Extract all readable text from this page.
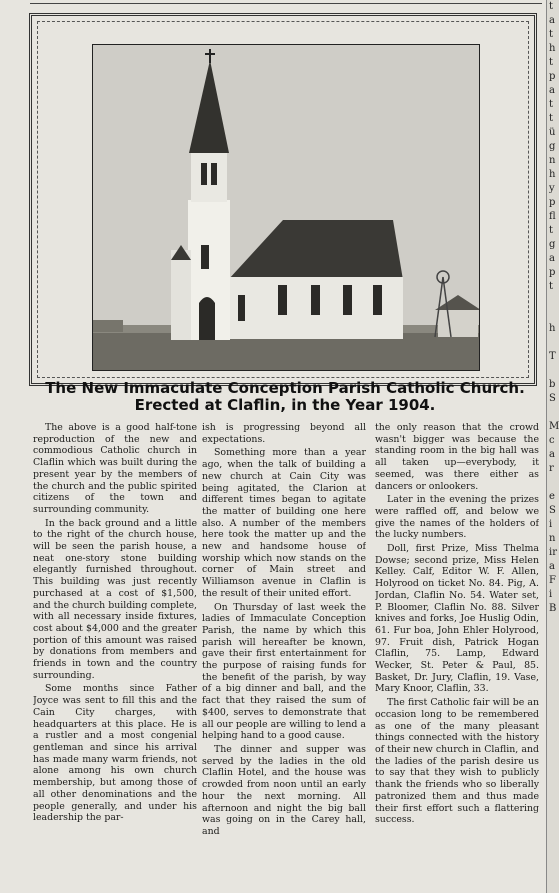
t
a
t
h
t
p
a
t
t
ü
g
n
h
y
p
fl
t
g
a
p
t

h

T

b
S

M
c
a
r

e
S
i
n
ir
a
F
i
B
The New Immaculate Conception Parish Catholic Church.
Erected at Claflin, in the Year 1904.

The above is a good half-tone reproduction of the new and commodious Catholic church in Claflin which was built during the present year by the members of the church and the public spirited citizens of the town and surrounding community.

In the back ground and a little to the right of the church house, will be seen the parish house, a neat one-story stone building elegantly furnished throughout. This building was just recently purchased at a cost of $1,500, and the church building complete, with all necessary inside fixtures, cost about $4,000 and the greater portion of this amount was raised by donations from members and friends in town and the country surrounding.

Some months since Father Joyce was sent to fill this and the Cain City charges, with headquarters at this place. He is a rustler and a most congenial gentleman and since his arrival has made many warm friends, not alone among his own church membership, but among those of all other denominations and the people generally, and under his leadership the par-

ish is progressing beyond all expectations.

Something more than a year ago, when the talk of building a new church at Cain City was being agitated, the Clarion at different times began to agitate the matter of building one here also. A number of the members here took the matter up and the new and handsome house of worship which now stands on the corner of Main street and Williamson avenue in Claflin is the result of their united effort.

On Thursday of last week the ladies of Immaculate Conception Parish, the name by which this parish will hereafter be known, gave their first entertainment for the purpose of raising funds for the benefit of the parish, by way of a big dinner and ball, and the fact that they raised the sum of $400, serves to demonstrate that all our people are willing to lend a helping hand to a good cause.

The dinner and supper was served by the ladies in the old Claflin Hotel, and the house was crowded from noon until an early hour the next morning. All afternoon and night the big ball was going on in the Carey hall, and

the only reason that the crowd wasn't bigger was because the standing room in the big hall was all taken up—everybody, it seemed, was there either as dancers or onlookers.

Later in the evening the prizes were raffled off, and below we give the names of the holders of the lucky numbers.

Doll, first Prize, Miss Thelma Dowse; second prize, Miss Helen Kelley. Calf, Editor W. F. Allen, Holyrood on ticket No. 84. Pig, A. Jordan, Claflin No. 54. Water set, P. Bloomer, Claflin No. 88. Silver knives and forks, Joe Huslig Odin, 61. Fur boa, John Ehler Holyrood, 97. Fruit dish, Patrick Hogan Claflin, 75. Lamp, Edward Wecker, St. Peter & Paul, 85. Basket, Dr. Jury, Claflin, 19. Vase, Mary Knoor, Claflin, 33.

The first Catholic fair will be an occasion long to be remembered as one of the many pleasant things connected with the history of their new church in Claflin, and the ladies of the parish desire us to say that they wish to publicly thank the friends who so liberally patronized them and thus made their first effort such a flattering success.
